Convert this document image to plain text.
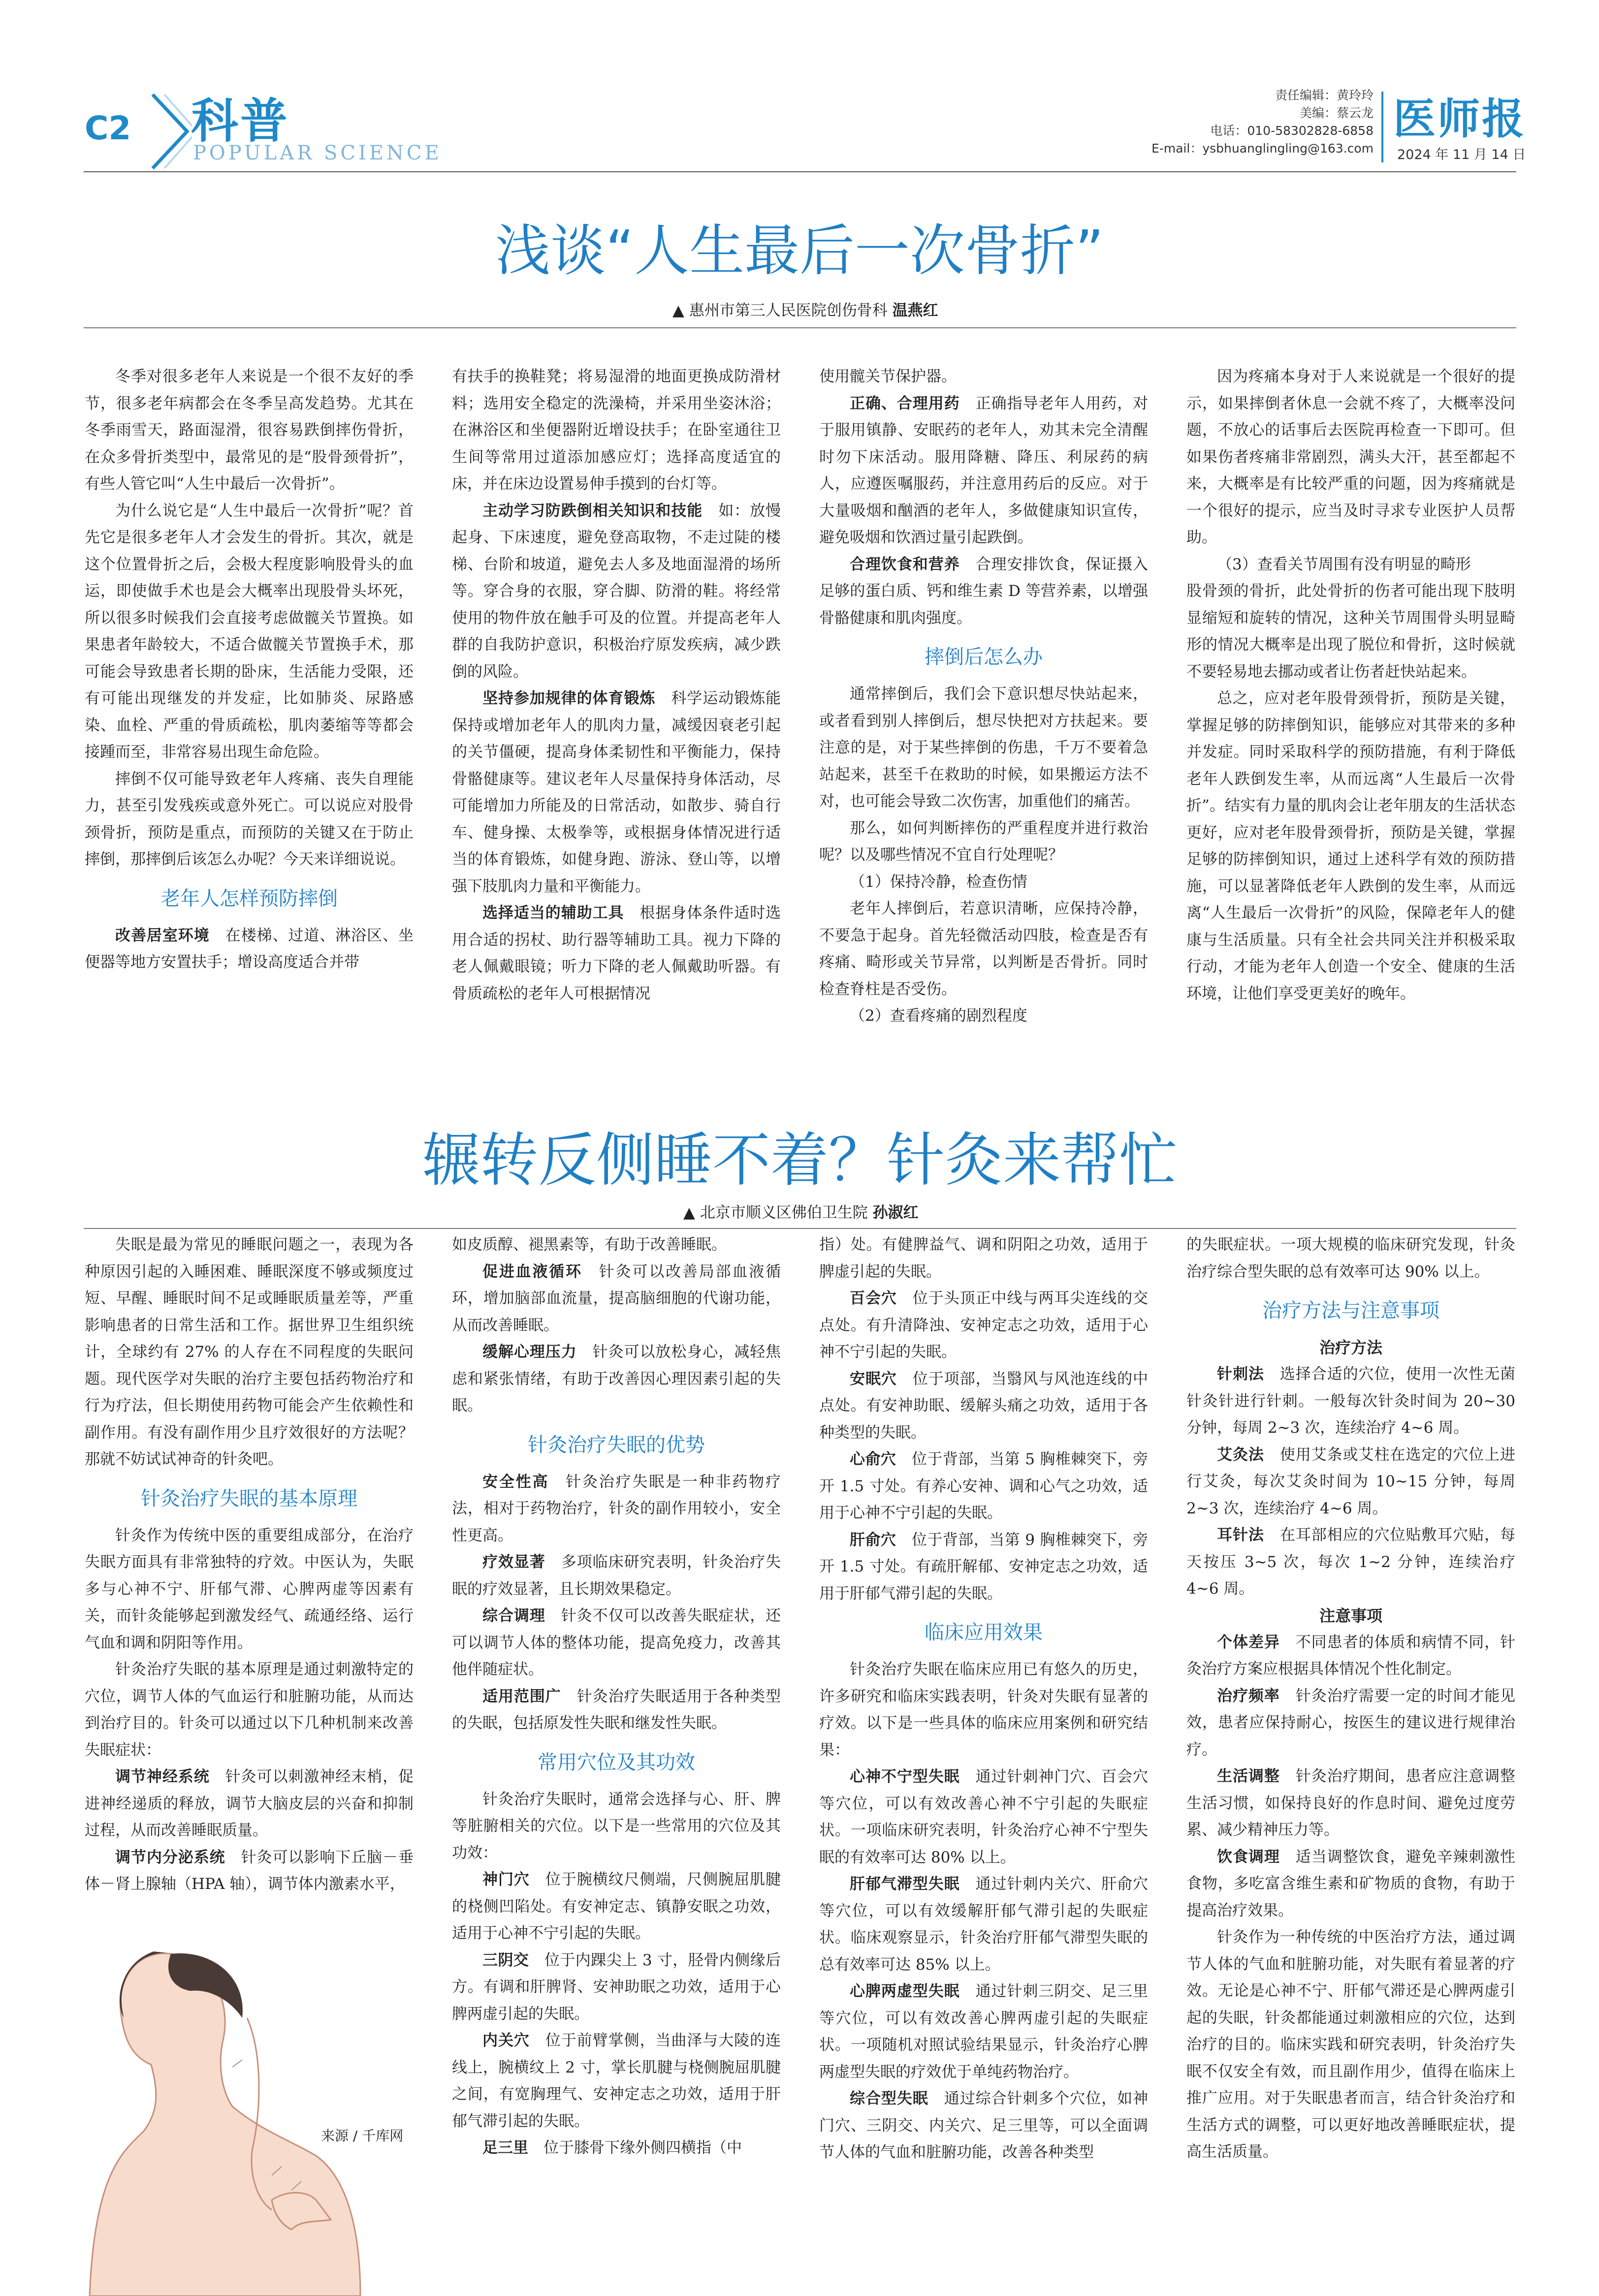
C2 科普
POPULAR SCIENCE
责任编辑：黄玲玲
美编：蔡云龙
电话：010-58302828-6858
E-mail：ysbhuanglingling@163.com
医师报
2024 年 11 月 14 日
浅谈“人生最后一次骨折”
▲ 惠州市第三人民医院创伤骨科 温燕红

冬季对很多老年人来说是一个很不友好的季节，很多老年病都会在冬季呈高发趋势。尤其在冬季雨雪天，路面湿滑，很容易跌倒摔伤骨折，在众多骨折类型中，最常见的是“股骨颈骨折”，有些人管它叫“人生中最后一次骨折”。

为什么说它是“人生中最后一次骨折”呢？首先它是很多老年人才会发生的骨折。其次，就是这个位置骨折之后，会极大程度影响股骨头的血运，即使做手术也是会大概率出现股骨头坏死，所以很多时候我们会直接考虑做髋关节置换。如果患者年龄较大，不适合做髋关节置换手术，那可能会导致患者长期的卧床，生活能力受限，还有可能出现继发的并发症，比如肺炎、尿路感染、血栓、严重的骨质疏松，肌肉萎缩等等都会接踵而至，非常容易出现生命危险。

摔倒不仅可能导致老年人疼痛、丧失自理能力，甚至引发残疾或意外死亡。可以说应对股骨颈骨折，预防是重点，而预防的关键又在于防止摔倒，那摔倒后该怎么办呢？今天来详细说说。

老年人怎样预防摔倒

改善居室环境　 在楼梯、过道、淋浴区、坐便器等地方安置扶手；增设高度适合并带

有扶手的换鞋凳；将易湿滑的地面更换成防滑材料；选用安全稳定的洗澡椅，并采用坐姿沐浴；在淋浴区和坐便器附近增设扶手；在卧室通往卫生间等常用过道添加感应灯；选择高度适宜的床，并在床边设置易伸手摸到的台灯等。

主动学习防跌倒相关知识和技能　 如：放慢起身、下床速度，避免登高取物，不走过陡的楼梯、台阶和坡道，避免去人多及地面湿滑的场所等。穿合身的衣服，穿合脚、防滑的鞋。将经常使用的物件放在触手可及的位置。并提高老年人群的自我防护意识，积极治疗原发疾病，减少跌倒的风险。

坚持参加规律的体育锻炼　 科学运动锻炼能保持或增加老年人的肌肉力量，减缓因衰老引起的关节僵硬，提高身体柔韧性和平衡能力，保持骨骼健康等。建议老年人尽量保持身体活动，尽可能增加力所能及的日常活动，如散步、骑自行车、健身操、太极拳等，或根据身体情况进行适当的体育锻炼，如健身跑、游泳、登山等，以增强下肢肌肉力量和平衡能力。

选择适当的辅助工具　 根据身体条件适时选用合适的拐杖、助行器等辅助工具。视力下降的老人佩戴眼镜；听力下降的老人佩戴助听器。有骨质疏松的老年人可根据情况

使用髋关节保护器。

正确、合理用药　 正确指导老年人用药，对于服用镇静、安眠药的老年人，劝其未完全清醒时勿下床活动。服用降糖、降压、利尿药的病人，应遵医嘱服药，并注意用药后的反应。对于大量吸烟和酗酒的老年人，多做健康知识宣传，避免吸烟和饮酒过量引起跌倒。

合理饮食和营养　 合理安排饮食，保证摄入足够的蛋白质、钙和维生素 D 等营养素，以增强骨骼健康和肌肉强度。

摔倒后怎么办

通常摔倒后，我们会下意识想尽快站起来，或者看到别人摔倒后，想尽快把对方扶起来。要注意的是，对于某些摔倒的伤患，千万不要着急站起来，甚至千在救助的时候，如果搬运方法不对，也可能会导致二次伤害，加重他们的痛苦。

那么，如何判断摔伤的严重程度并进行救治呢？以及哪些情况不宜自行处理呢？

（1）保持冷静，检查伤情

老年人摔倒后，若意识清晰，应保持冷静，不要急于起身。首先轻微活动四肢，检查是否有疼痛、畸形或关节异常，以判断是否骨折。同时检查脊柱是否受伤。

（2）查看疼痛的剧烈程度

因为疼痛本身对于人来说就是一个很好的提示，如果摔倒者休息一会就不疼了，大概率没问题，不放心的话事后去医院再检查一下即可。但如果伤者疼痛非常剧烈，满头大汗，甚至都起不来，大概率是有比较严重的问题，因为疼痛就是一个很好的提示，应当及时寻求专业医护人员帮助。

（3）查看关节周围有没有明显的畸形

股骨颈的骨折，此处骨折的伤者可能出现下肢明显缩短和旋转的情况，这种关节周围骨头明显畸形的情况大概率是出现了脱位和骨折，这时候就不要轻易地去挪动或者让伤者赶快站起来。

总之，应对老年股骨颈骨折，预防是关键，掌握足够的防摔倒知识，能够应对其带来的多种并发症。同时采取科学的预防措施，有利于降低老年人跌倒发生率，从而远离“人生最后一次骨折”。结实有力量的肌肉会让老年朋友的生活状态更好，应对老年股骨颈骨折，预防是关键，掌握足够的防摔倒知识，通过上述科学有效的预防措施，可以显著降低老年人跌倒的发生率，从而远离“人生最后一次骨折”的风险，保障老年人的健康与生活质量。只有全社会共同关注并积极采取行动，才能为老年人创造一个安全、健康的生活环境，让他们享受更美好的晚年。

辗转反侧睡不着？针灸来帮忙
▲ 北京市顺义区佛伯卫生院 孙淑红

失眠是最为常见的睡眠问题之一，表现为各种原因引起的入睡困难、睡眠深度不够或频度过短、早醒、睡眠时间不足或睡眠质量差等，严重影响患者的日常生活和工作。据世界卫生组织统计，全球约有 27% 的人存在不同程度的失眠问题。现代医学对失眠的治疗主要包括药物治疗和行为疗法，但长期使用药物可能会产生依赖性和副作用。有没有副作用少且疗效很好的方法呢？那就不妨试试神奇的针灸吧。

针灸治疗失眠的基本原理

针灸作为传统中医的重要组成部分，在治疗失眠方面具有非常独特的疗效。中医认为，失眠多与心神不宁、肝郁气滞、心脾两虚等因素有关，而针灸能够起到激发经气、疏通经络、运行气血和调和阴阳等作用。

针灸治疗失眠的基本原理是通过刺激特定的穴位，调节人体的气血运行和脏腑功能，从而达到治疗目的。针灸可以通过以下几种机制来改善失眠症状：

调节神经系统　 针灸可以刺激神经末梢，促进神经递质的释放，调节大脑皮层的兴奋和抑制过程，从而改善睡眠质量。

调节内分泌系统　 针灸可以影响下丘脑－垂体－肾上腺轴（HPA 轴），调节体内激素水平，

如皮质醇、褪黑素等，有助于改善睡眠。

促进血液循环　 针灸可以改善局部血液循环，增加脑部血流量，提高脑细胞的代谢功能，从而改善睡眠。

缓解心理压力　 针灸可以放松身心，减轻焦虑和紧张情绪，有助于改善因心理因素引起的失眠。

针灸治疗失眠的优势

安全性高　 针灸治疗失眠是一种非药物疗法，相对于药物治疗，针灸的副作用较小，安全性更高。

疗效显著　 多项临床研究表明，针灸治疗失眠的疗效显著，且长期效果稳定。

综合调理　 针灸不仅可以改善失眠症状，还可以调节人体的整体功能，提高免疫力，改善其他伴随症状。

适用范围广　 针灸治疗失眠适用于各种类型的失眠，包括原发性失眠和继发性失眠。

常用穴位及其功效

针灸治疗失眠时，通常会选择与心、肝、脾等脏腑相关的穴位。以下是一些常用的穴位及其功效：

神门穴　 位于腕横纹尺侧端，尺侧腕屈肌腱的桡侧凹陷处。有安神定志、镇静安眠之功效，适用于心神不宁引起的失眠。

三阴交　 位于内踝尖上 3 寸，胫骨内侧缘后方。有调和肝脾肾、安神助眠之功效，适用于心脾两虚引起的失眠。

内关穴　 位于前臂掌侧，当曲泽与大陵的连线上，腕横纹上 2 寸，掌长肌腱与桡侧腕屈肌腱之间，有宽胸理气、安神定志之功效，适用于肝郁气滞引起的失眠。

足三里　 位于膝骨下缘外侧四横指（中

指）处。有健脾益气、调和阴阳之功效，适用于脾虚引起的失眠。

百会穴　 位于头顶正中线与两耳尖连线的交点处。有升清降浊、安神定志之功效，适用于心神不宁引起的失眠。

安眠穴　 位于项部，当翳风与风池连线的中点处。有安神助眠、缓解头痛之功效，适用于各种类型的失眠。

心俞穴　 位于背部，当第 5 胸椎棘突下，旁开 1.5 寸处。有养心安神、调和心气之功效，适用于心神不宁引起的失眠。

肝俞穴　 位于背部，当第 9 胸椎棘突下，旁开 1.5 寸处。有疏肝解郁、安神定志之功效，适用于肝郁气滞引起的失眠。

临床应用效果

针灸治疗失眠在临床应用已有悠久的历史，许多研究和临床实践表明，针灸对失眠有显著的疗效。以下是一些具体的临床应用案例和研究结果：

心神不宁型失眠　 通过针刺神门穴、百会穴等穴位，可以有效改善心神不宁引起的失眠症状。一项临床研究表明，针灸治疗心神不宁型失眠的有效率可达 80% 以上。

肝郁气滞型失眠　 通过针刺内关穴、肝俞穴等穴位，可以有效缓解肝郁气滞引起的失眠症状。临床观察显示，针灸治疗肝郁气滞型失眠的总有效率可达 85% 以上。

心脾两虚型失眠　 通过针刺三阴交、足三里等穴位，可以有效改善心脾两虚引起的失眠症状。一项随机对照试验结果显示，针灸治疗心脾两虚型失眠的疗效优于单纯药物治疗。

综合型失眠　 通过综合针刺多个穴位，如神门穴、三阴交、内关穴、足三里等，可以全面调节人体的气血和脏腑功能，改善各种类型

的失眠症状。一项大规模的临床研究发现，针灸治疗综合型失眠的总有效率可达 90% 以上。

治疗方法与注意事项

治疗方法

针刺法　 选择合适的穴位，使用一次性无菌针灸针进行针刺。一般每次针灸时间为 20~30 分钟，每周 2~3 次，连续治疗 4~6 周。

艾灸法　 使用艾条或艾柱在选定的穴位上进行艾灸，每次艾灸时间为 10~15 分钟，每周 2~3 次，连续治疗 4~6 周。

耳针法　 在耳部相应的穴位贴敷耳穴贴，每天按压 3~5 次，每次 1~2 分钟，连续治疗 4~6 周。

注意事项

个体差异　 不同患者的体质和病情不同，针灸治疗方案应根据具体情况个性化制定。

治疗频率　 针灸治疗需要一定的时间才能见效，患者应保持耐心，按医生的建议进行规律治疗。

生活调整　 针灸治疗期间，患者应注意调整生活习惯，如保持良好的作息时间、避免过度劳累、减少精神压力等。

饮食调理　 适当调整饮食，避免辛辣刺激性食物，多吃富含维生素和矿物质的食物，有助于提高治疗效果。

针灸作为一种传统的中医治疗方法，通过调节人体的气血和脏腑功能，对失眠有着显著的疗效。无论是心神不宁、肝郁气滞还是心脾两虚引起的失眠，针灸都能通过刺激相应的穴位，达到治疗的目的。临床实践和研究表明，针灸治疗失眠不仅安全有效，而且副作用少，值得在临床上推广应用。对于失眠患者而言，结合针灸治疗和生活方式的调整，可以更好地改善睡眠症状，提高生活质量。

来源 / 千库网
